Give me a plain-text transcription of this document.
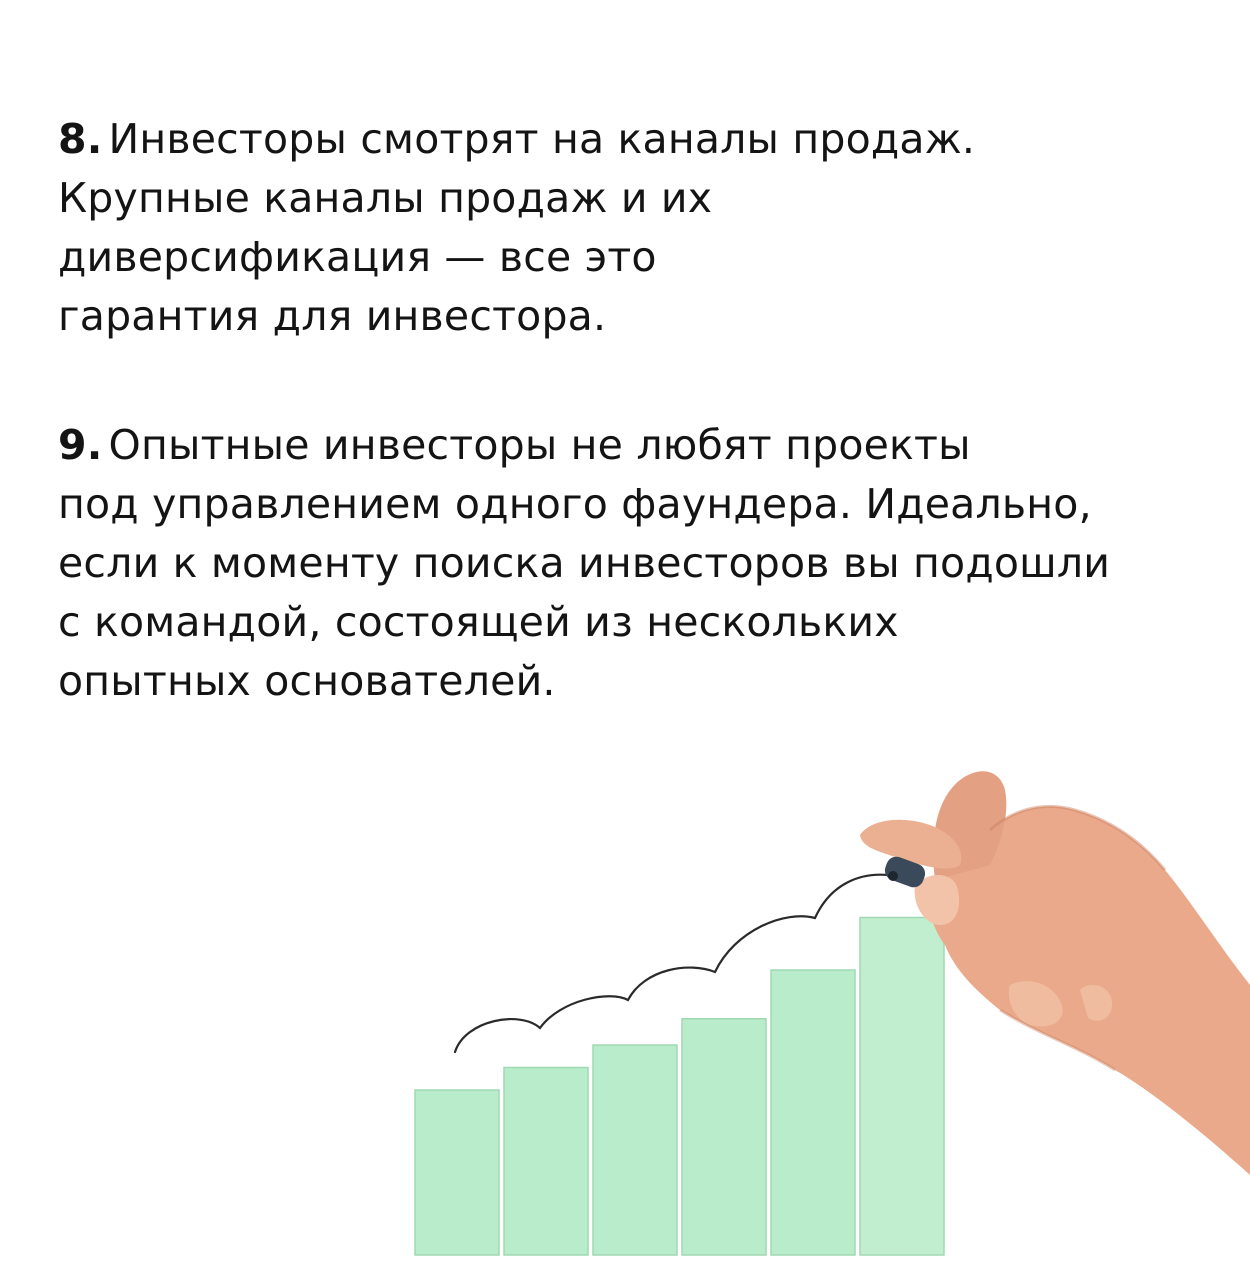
8. Инвесторы смотрят на каналы продаж.
Крупные каналы продаж и их
диверсификация — все это
гарантия для инвестора.

9. Опытные инвесторы не любят проекты
под управлением одного фаундера. Идеально,
если к моменту поиска инвесторов вы подошли
с командой, состоящей из нескольких
опытных основателей.
